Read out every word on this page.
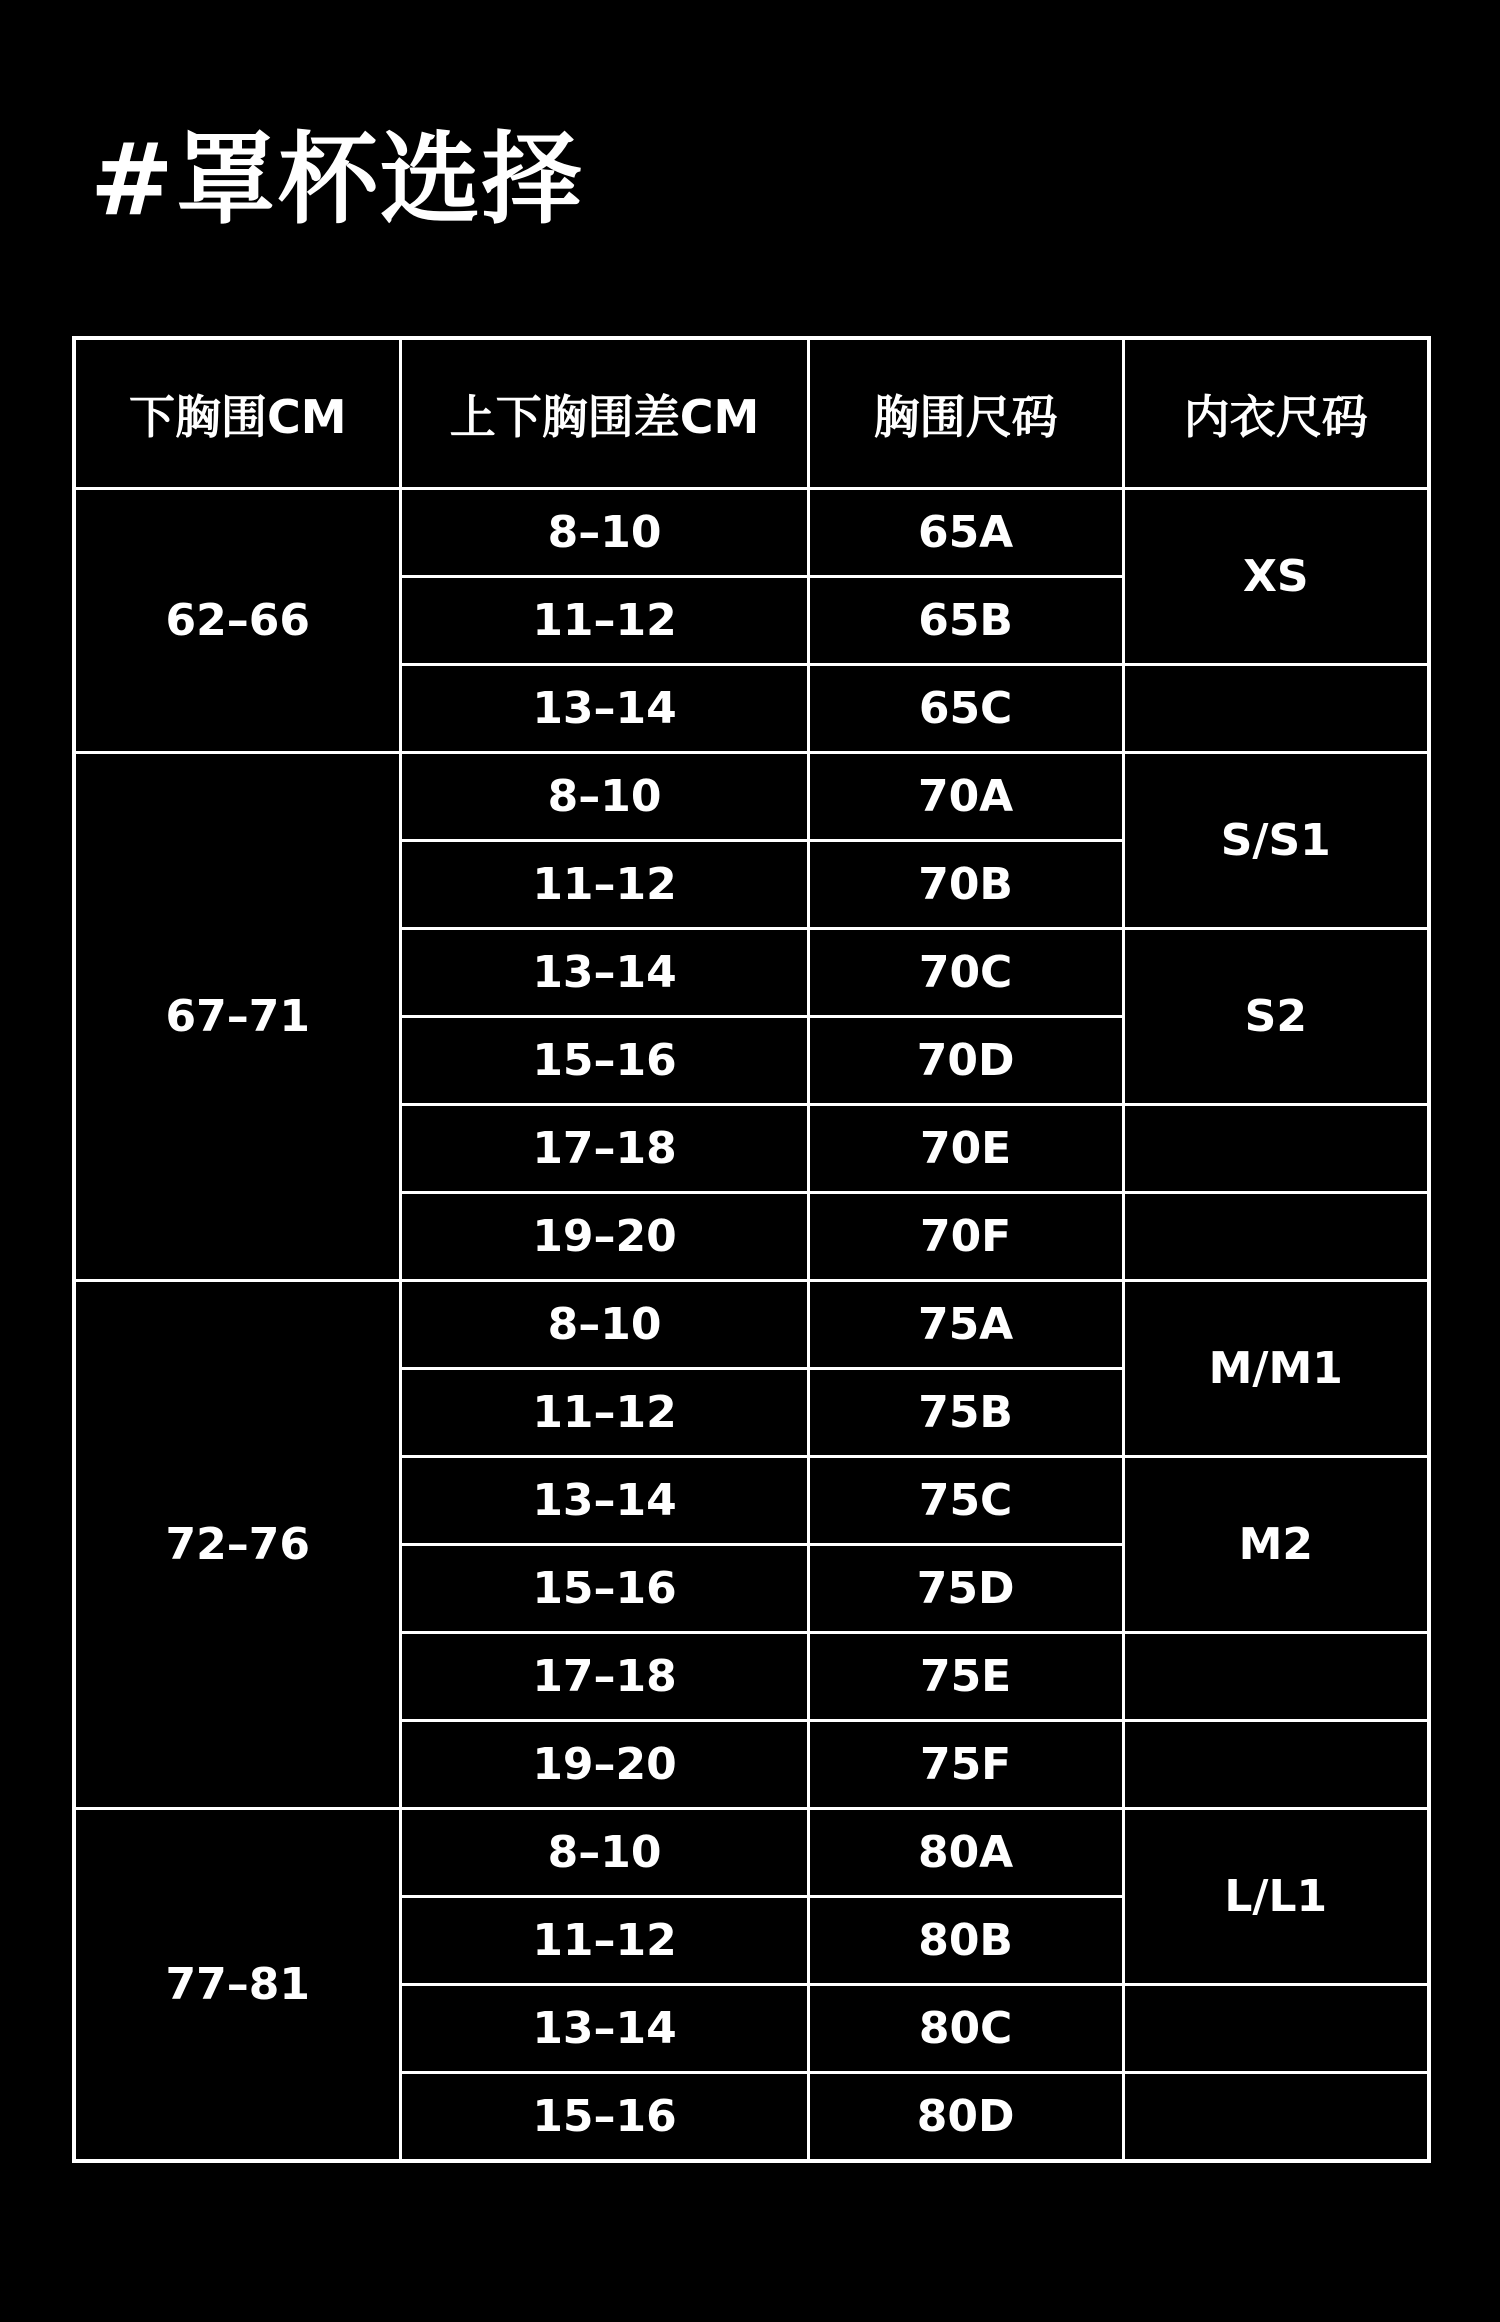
#罩杯选择
下胸围CM	上下胸围差CM	胸围尺码	内衣尺码
62–66	8–10	65A	XS
	11–12	65B	
	13–14	65C	
67–71	8–10	70A	S/S1
	11–12	70B	
	13–14	70C	S2
	15–16	70D	
	17–18	70E	
	19–20	70F	
72–76	8–10	75A	M/M1
	11–12	75B	
	13–14	75C	M2
	15–16	75D	
	17–18	75E	
	19–20	75F	
77–81	8–10	80A	L/L1
	11–12	80B	
	13–14	80C	
	15–16	80D	
